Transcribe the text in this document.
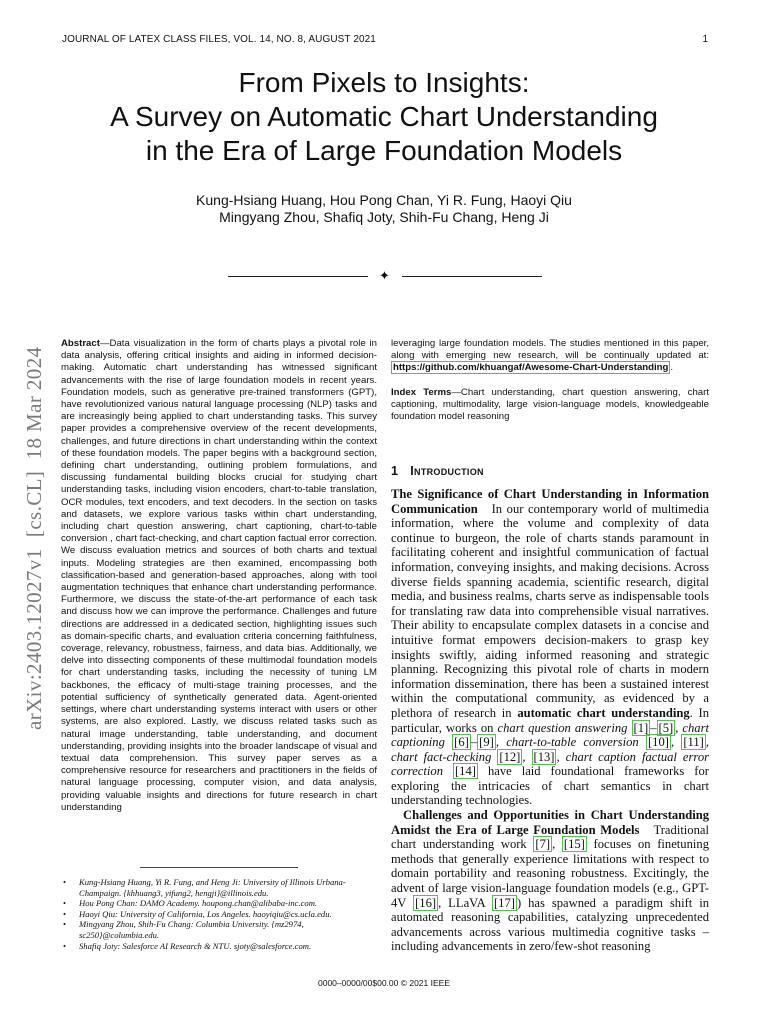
JOURNAL OF LATEX CLASS FILES, VOL. 14, NO. 8, AUGUST 2021	1
From Pixels to Insights:
A Survey on Automatic Chart Understanding
in the Era of Large Foundation Models
Kung-Hsiang Huang, Hou Pong Chan, Yi R. Fung, Haoyi Qiu
Mingyang Zhou, Shafiq Joty, Shih-Fu Chang, Heng Ji
✦
arXiv:2403.12027v1

[cs.CL]

18 Mar 2024

Abstract—Data visualization in the form of charts plays a pivotal role in data analysis, offering critical insights and aiding in informed decision-making. Automatic chart understanding has witnessed significant advancements with the rise of large foundation models in recent years. Foundation models, such as generative pre-trained transformers (GPT), have revolutionized various natural language processing (NLP) tasks and are increasingly being applied to chart understanding tasks. This survey paper provides a comprehensive overview of the recent developments, challenges, and future directions in chart understanding within the context of these foundation models. The paper begins with a background section, defining chart understanding, outlining problem formulations, and discussing fundamental building blocks crucial for studying chart understanding tasks, including vision encoders, chart-to-table translation, OCR modules, text encoders, and text decoders. In the section on tasks and datasets, we explore various tasks within chart understanding, including chart question answering, chart captioning, chart-to-table conversion , chart fact-checking, and chart caption factual error correction. We discuss evaluation metrics and sources of both charts and textual inputs. Modeling strategies are then examined, encompassing both classification-based and generation-based approaches, along with tool augmentation techniques that enhance chart understanding performance. Furthermore, we discuss the state-of-the-art performance of each task and discuss how we can improve the performance. Challenges and future directions are addressed in a dedicated section, highlighting issues such as domain-specific charts, and evaluation criteria concerning faithfulness, coverage, relevancy, robustness, fairness, and data bias. Additionally, we delve into dissecting components of these multimodal foundation models for chart understanding tasks, including the necessity of tuning LM backbones, the efficacy of multi-stage training processes, and the potential sufficiency of synthetically generated data. Agent-oriented settings, where chart understanding systems interact with users or other systems, are also explored. Lastly, we discuss related tasks such as natural image understanding, table understanding, and document understanding, providing insights into the broader landscape of visual and textual data comprehension. This survey paper serves as a comprehensive resource for researchers and practitioners in the fields of natural language processing, computer vision, and data analysis, providing valuable insights and directions for future research in chart understanding

• Kung-Hsiang Huang, Yi R. Fung, and Heng Ji: University of Illinois Urbana-Champaign. {khhuang3, yifung2, hengji}@illinois.edu.
• Hou Pong Chan: DAMO Academy. houpong.chan@alibaba-inc.com.
• Haoyi Qiu: University of California, Los Angeles. haoyiqiu@cs.ucla.edu.
• Mingyang Zhou, Shih-Fu Chang: Columbia University. {mz2974, sc250}@columbia.edu.
• Shafiq Joty: Salesforce AI Research & NTU. sjoty@salesforce.com.

leveraging large foundation models. The studies mentioned in this paper, along with emerging new research, will be continually updated at: https://github.com/khuangaf/Awesome-Chart-Understanding .

Index Terms—Chart understanding, chart question answering, chart captioning, multimodality, large vision-language models, knowledgeable foundation model reasoning

1 Introduction

The Significance of Chart Understanding in Information Communication In our contemporary world of multimedia information, where the volume and complexity of data continue to burgeon, the role of charts stands paramount in facilitating coherent and insightful communication of factual information, conveying insights, and making decisions. Across diverse fields spanning academia, scientific research, digital media, and business realms, charts serve as indispensable tools for translating raw data into comprehensible visual narratives. Their ability to encapsulate complex datasets in a concise and intuitive format empowers decision-makers to grasp key insights swiftly, aiding informed reasoning and strategic planning. Recognizing this pivotal role of charts in modern information dissemination, there has been a sustained interest within the computational community, as evidenced by a plethora of research in automatic chart understanding. In particular, works on chart question answering [1] – [5] , chart captioning [6] – [9] , chart-to-table conversion [10] , [11] , chart fact-checking [12] , [13] , chart caption factual error correction [14] have laid foundational frameworks for exploring the intricacies of chart semantics in chart understanding technologies.

Challenges and Opportunities in Chart Understanding Amidst the Era of Large Foundation Models Traditional chart understanding work [7] , [15] focuses on finetuning methods that generally experience limitations with respect to domain portability and reasoning robustness. Excitingly, the advent of large vision-language foundation models (e.g., GPT-4V [16] , LLaVA [17] ) has spawned a paradigm shift in automated reasoning capabilities, catalyzing unprecedented advancements across various multimedia cognitive tasks – including advancements in zero/few-shot reasoning

0000–0000/00$00.00 © 2021 IEEE
